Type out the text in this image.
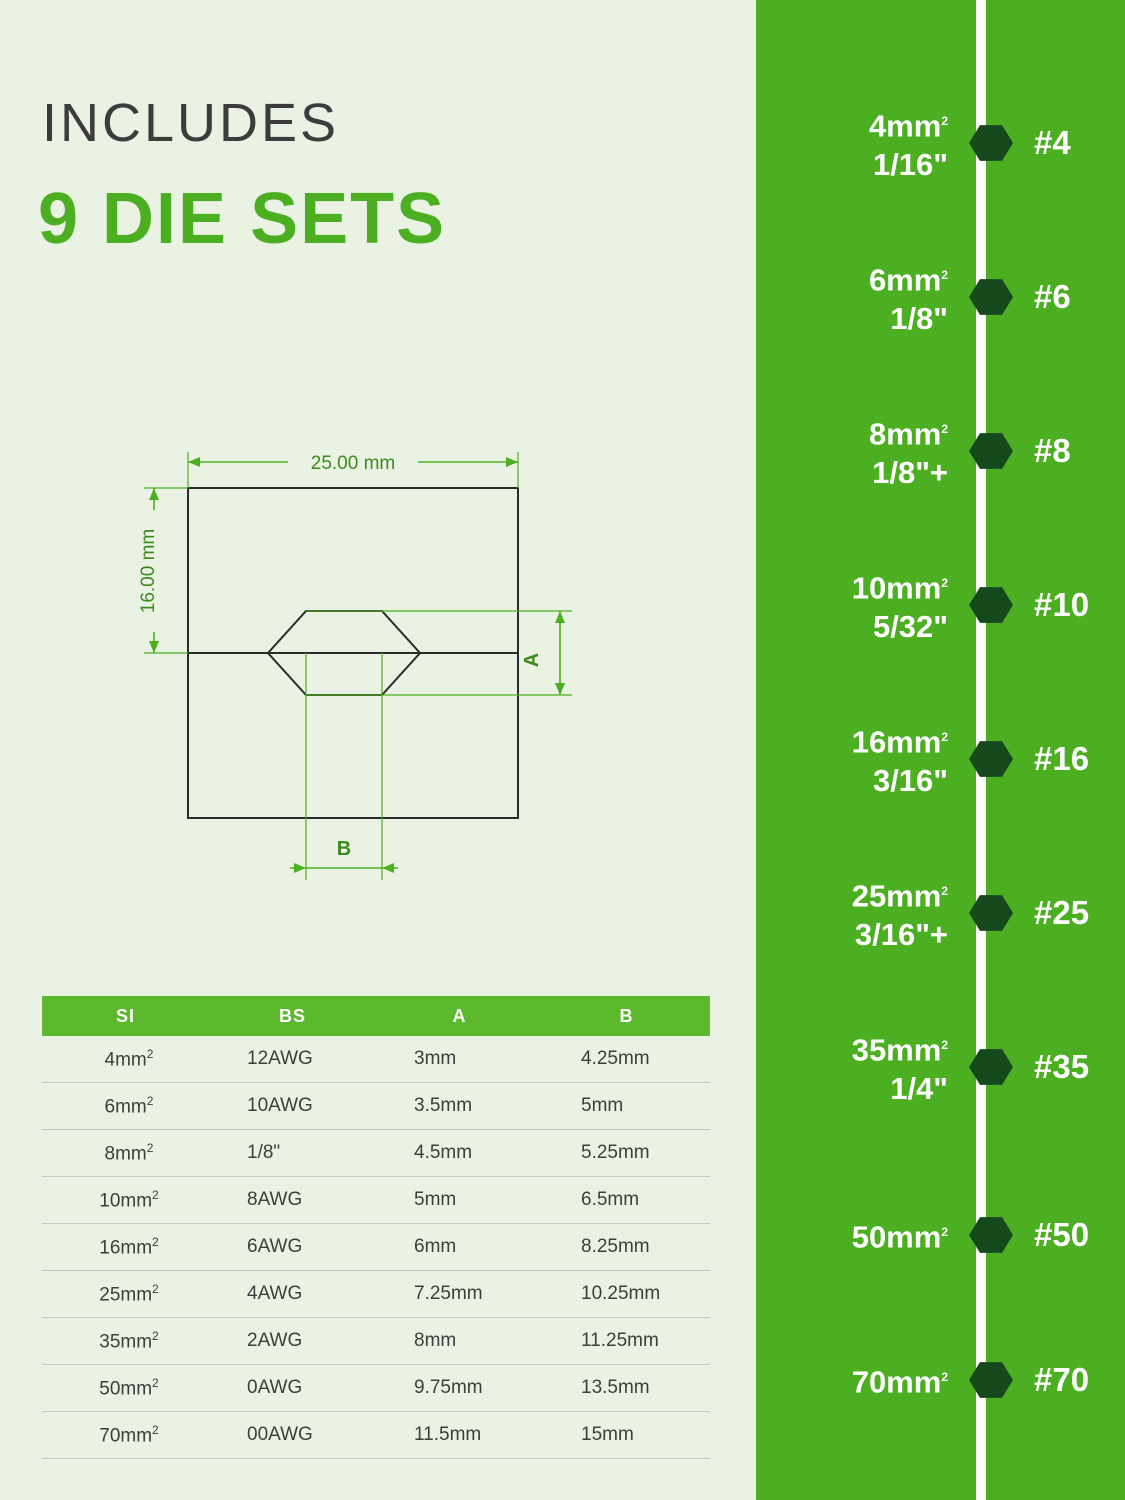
INCLUDES
9 DIE SETS
25.00 mm
16.00 mm
A
B
SI	BS	A	B
$4mm^2$	12AWG	3mm	4.25mm
$6mm^2$	10AWG	3.5mm	5mm
$8mm^2$	1/8"	4.5mm	5.25mm
$10mm^2$	8AWG	5mm	6.5mm
$16mm^2$	6AWG	6mm	8.25mm
$25mm^2$	4AWG	7.25mm	10.25mm
$35mm^2$	2AWG	8mm	11.25mm
$50mm^2$	0AWG	9.75mm	13.5mm
$70mm^2$	00AWG	11.5mm	15mm
$4mm^2$
1/16"
#4
$6mm^2$
1/8"
#6
$8mm^2$
1/8"+
#8
$10mm^2$
5/32"
#10
$16mm^2$
3/16"
#16
$25mm^2$
3/16"+
#25
$35mm^2$
1/4"
#35
$50mm^2$	#50
$70mm^2$	#70
